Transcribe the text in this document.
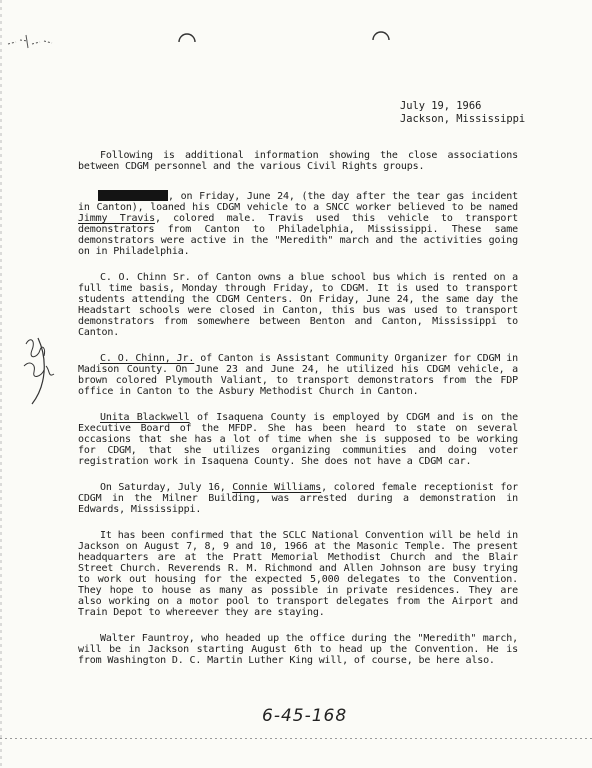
July 19, 1966
Jackson, Mississippi

Following is additional information showing the close associations between CDGM personnel and the various Civil Rights groups.

, on Friday, June 24, (the day after the tear gas incident in Canton), loaned his CDGM vehicle to a SNCC worker believed to be named Jimmy Travis, colored male. Travis used this vehicle to transport demonstrators from Canton to Philadelphia, Mississippi. These same demonstrators were active in the "Meredith" march and the activities going on in Philadelphia.

C. O. Chinn Sr. of Canton owns a blue school bus which is rented on a full time basis, Monday through Friday, to CDGM. It is used to transport students attending the CDGM Centers. On Friday, June 24, the same day the Headstart schools were closed in Canton, this bus was used to transport demonstrators from somewhere between Benton and Canton, Mississippi to Canton.

C. O. Chinn, Jr. of Canton is Assistant Community Organizer for CDGM in Madison County. On June 23 and June 24, he utilized his CDGM vehicle, a brown colored Plymouth Valiant, to transport demonstrators from the FDP office in Canton to the Asbury Methodist Church in Canton.

Unita Blackwell of Isaquena County is employed by CDGM and is on the Executive Board of the MFDP. She has been heard to state on several occasions that she has a lot of time when she is supposed to be working for CDGM, that she utilizes organizing communities and doing voter registration work in Isaquena County. She does not have a CDGM car.

On Saturday, July 16, Connie Williams, colored female receptionist for CDGM in the Milner Building, was arrested during a demonstration in Edwards, Mississippi.

It has been confirmed that the SCLC National Convention will be held in Jackson on August 7, 8, 9 and 10, 1966 at the Masonic Temple. The present headquarters are at the Pratt Memorial Methodist Church and the Blair Street Church. Reverends R. M. Richmond and Allen Johnson are busy trying to work out housing for the expected 5,000 delegates to the Convention. They hope to house as many as possible in private residences. They are also working on a motor pool to transport delegates from the Airport and Train Depot to whereever they are staying.

Walter Fauntroy, who headed up the office during the "Meredith" march, will be in Jackson starting August 6th to head up the Convention. He is from Washington D. C. Martin Luther King will, of course, be here also.

6-45-168
